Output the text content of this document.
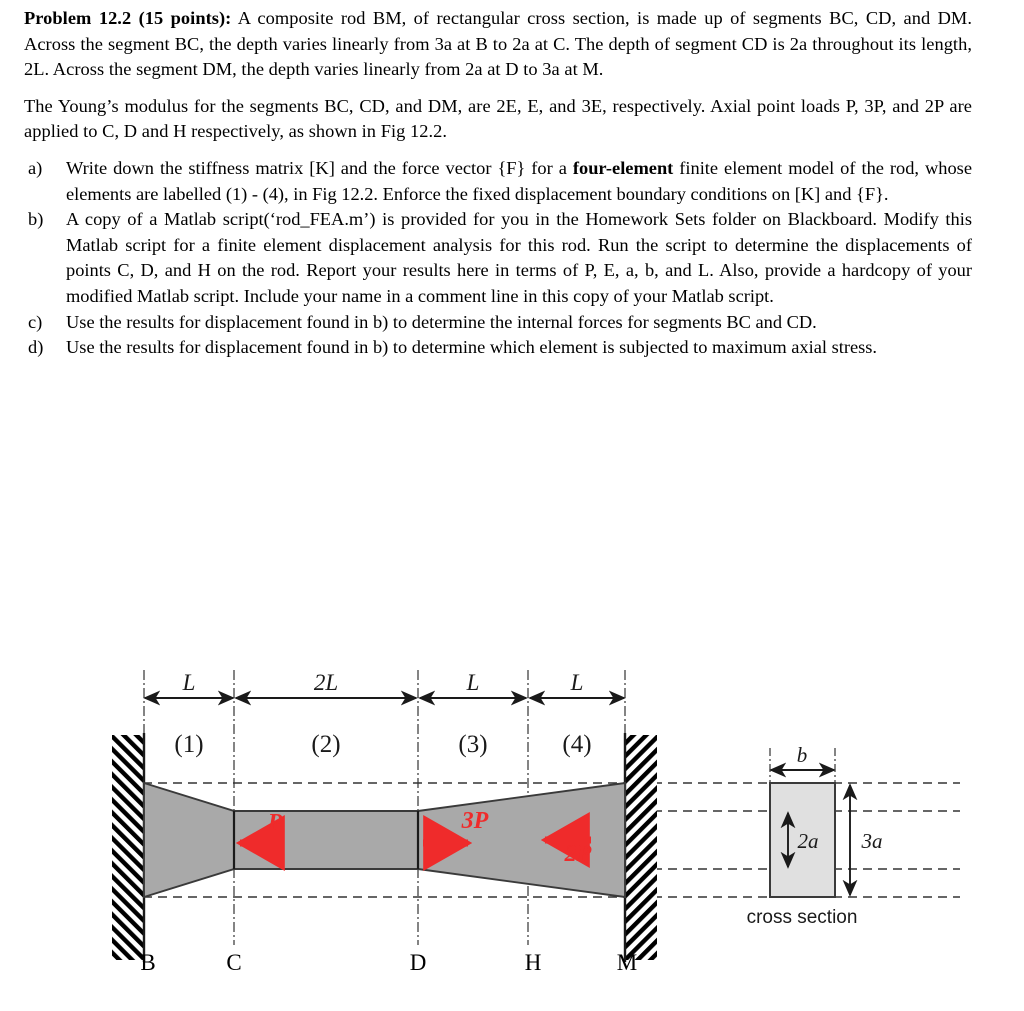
Problem 12.2 (15 points): A composite rod BM, of rectangular cross section, is made up of segments BC, CD, and DM. Across the segment BC, the depth varies linearly from 3a at B to 2a at C. The depth of segment CD is 2a throughout its length, 2L. Across the segment DM, the depth varies linearly from 2a at D to 3a at M.

The Young’s modulus for the segments BC, CD, and DM, are 2E, E, and 3E, respectively. Axial point loads P, 3P, and 2P are applied to C, D and H respectively, as shown in Fig 12.2.

a)	Write down the stiffness matrix [K] and the force vector {F} for a four-element finite element model of the rod, whose elements are labelled (1) - (4), in Fig 12.2. Enforce the fixed displacement boundary conditions on [K] and {F}.
b)	A copy of a Matlab script(‘rod_FEA.m’) is provided for you in the Homework Sets folder on Blackboard. Modify this Matlab script for a finite element displacement analysis for this rod. Run the script to determine the displacements of points C, D, and H on the rod. Report your results here in terms of P, E, a, b, and L. Also, provide a hardcopy of your modified Matlab script. Include your name in a comment line in this copy of your Matlab script.
c)	Use the results for displacement found in b) to determine the internal forces for segments BC and CD.
d)	Use the results for displacement found in b) to determine which element is subjected to maximum axial stress.
L	2L	L	L
(1)	(2)	(3)	(4)
P	3P
2P
B	C	D	H	M
b
2a 3a
cross section
